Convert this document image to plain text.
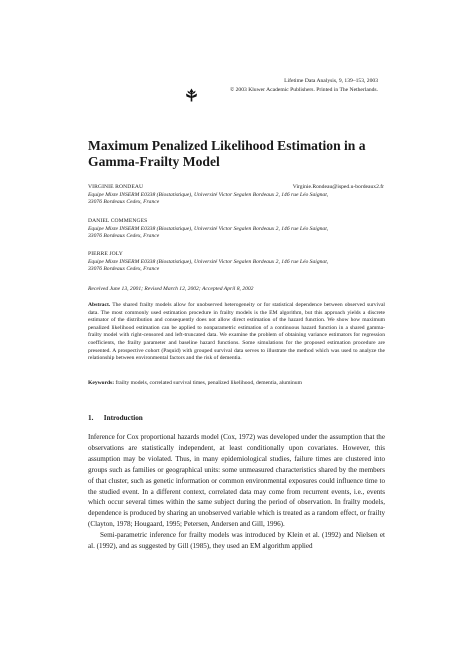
Lifetime Data Analysis, 9, 139–153, 2003
© 2003 Kluwer Academic Publishers. Printed in The Netherlands.
Maximum Penalized Likelihood Estimation in a Gamma-Frailty Model
VIRGINIE RONDEAU	Virginie.Rondeau@isped.u-bordeaux2.fr
Equipe Mixte INSERM E0338 (Biostatistique), Université Victor Segalen Bordeaux 2, 146 rue Léo Saignat,
33076 Bordeaux Cedex, France
DANIEL COMMENGES
Equipe Mixte INSERM E0338 (Biostatistique), Université Victor Segalen Bordeaux 2, 146 rue Léo Saignat,
33076 Bordeaux Cedex, France
PIERRE JOLY
Equipe Mixte INSERM E0338 (Biostatistique), Université Victor Segalen Bordeaux 2, 146 rue Léo Saignat,
33076 Bordeaux Cedex, France
Received June 13, 2001; Revised March 12, 2002; Accepted April 8, 2002
Abstract. The shared frailty models allow for unobserved heterogeneity or for statistical dependence between observed survival data. The most commonly used estimation procedure in frailty models is the EM algorithm, but this approach yields a discrete estimator of the distribution and consequently does not allow direct estimation of the hazard function. We show how maximum penalized likelihood estimation can be applied to nonparametric estimation of a continuous hazard function in a shared gamma-frailty model with right-censored and left-truncated data. We examine the problem of obtaining variance estimators for regression coefficients, the frailty parameter and baseline hazard functions. Some simulations for the proposed estimation procedure are presented. A prospective cohort (Paquid) with grouped survival data serves to illustrate the method which was used to analyze the relationship between environmental factors and the risk of dementia.
Keywords: frailty models, correlated survival times, penalized likelihood, dementia, aluminum
1. Introduction

Inference for Cox proportional hazards model (Cox, 1972) was developed under the assumption that the observations are statistically independent, at least conditionally upon covariates. However, this assumption may be violated. Thus, in many epidemiological studies, failure times are clustered into groups such as families or geographical units: some unmeasured characteristics shared by the members of that cluster, such as genetic information or common environmental exposures could influence time to the studied event. In a different context, correlated data may come from recurrent events, i.e., events which occur several times within the same subject during the period of observation. In frailty models, dependence is produced by sharing an unobserved variable which is treated as a random effect, or frailty (Clayton, 1978; Hougaard, 1995; Petersen, Andersen and Gill, 1996).

Semi-parametric inference for frailty models was introduced by Klein et al. (1992) and Nielsen et al. (1992), and as suggested by Gill (1985), they used an EM algorithm applied
